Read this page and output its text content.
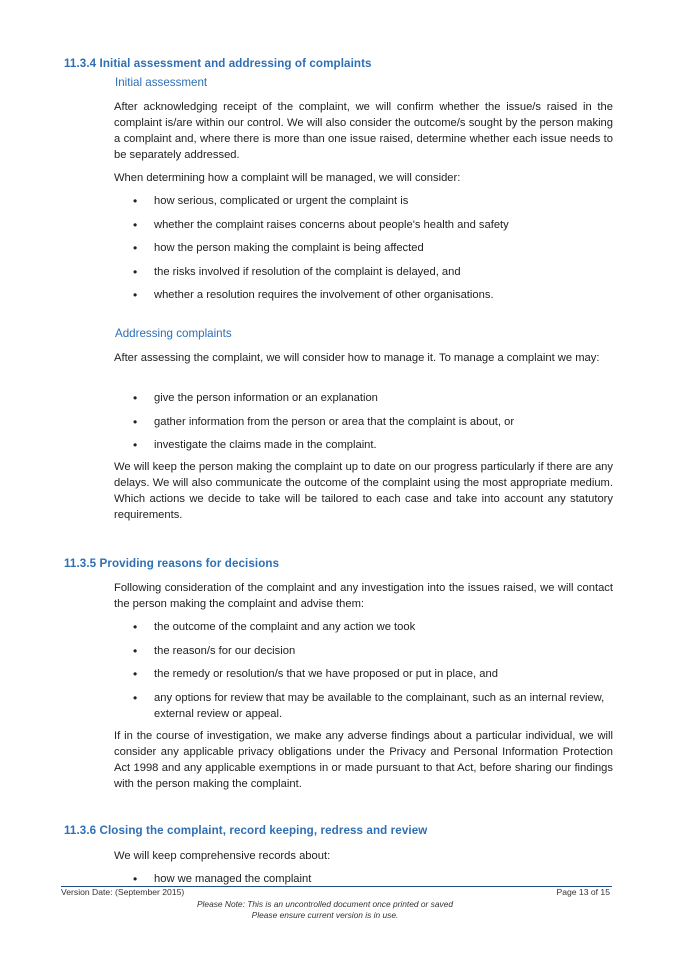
11.3.4 Initial assessment and addressing of complaints
Initial assessment

After acknowledging receipt of the complaint, we will confirm whether the issue/s raised in the complaint is/are within our control. We will also consider the outcome/s sought by the person making a complaint and, where there is more than one issue raised, determine whether each issue needs to be separately addressed.

When determining how a complaint will be managed, we will consider:

• how serious, complicated or urgent the complaint is
• whether the complaint raises concerns about people's health and safety
• how the person making the complaint is being affected
• the risks involved if resolution of the complaint is delayed, and
• whether a resolution requires the involvement of other organisations.
Addressing complaints

After assessing the complaint, we will consider how to manage it. To manage a complaint we may:

• give the person information or an explanation
• gather information from the person or area that the complaint is about, or
• investigate the claims made in the complaint.

We will keep the person making the complaint up to date on our progress particularly if there are any delays. We will also communicate the outcome of the complaint using the most appropriate medium. Which actions we decide to take will be tailored to each case and take into account any statutory requirements.

11.3.5 Providing reasons for decisions

Following consideration of the complaint and any investigation into the issues raised, we will contact the person making the complaint and advise them:

• the outcome of the complaint and any action we took
• the reason/s for our decision
• the remedy or resolution/s that we have proposed or put in place, and
• any options for review that may be available to the complainant, such as an internal review, external review or appeal.

If in the course of investigation, we make any adverse findings about a particular individual, we will consider any applicable privacy obligations under the Privacy and Personal Information Protection Act 1998 and any applicable exemptions in or made pursuant to that Act, before sharing our findings with the person making the complaint.

11.3.6 Closing the complaint, record keeping, redress and review

We will keep comprehensive records about:

• how we managed the complaint
Version Date: (September 2015)	Page 13 of 15
Please Note: This is an uncontrolled document once printed or saved
Please ensure current version is in use.
